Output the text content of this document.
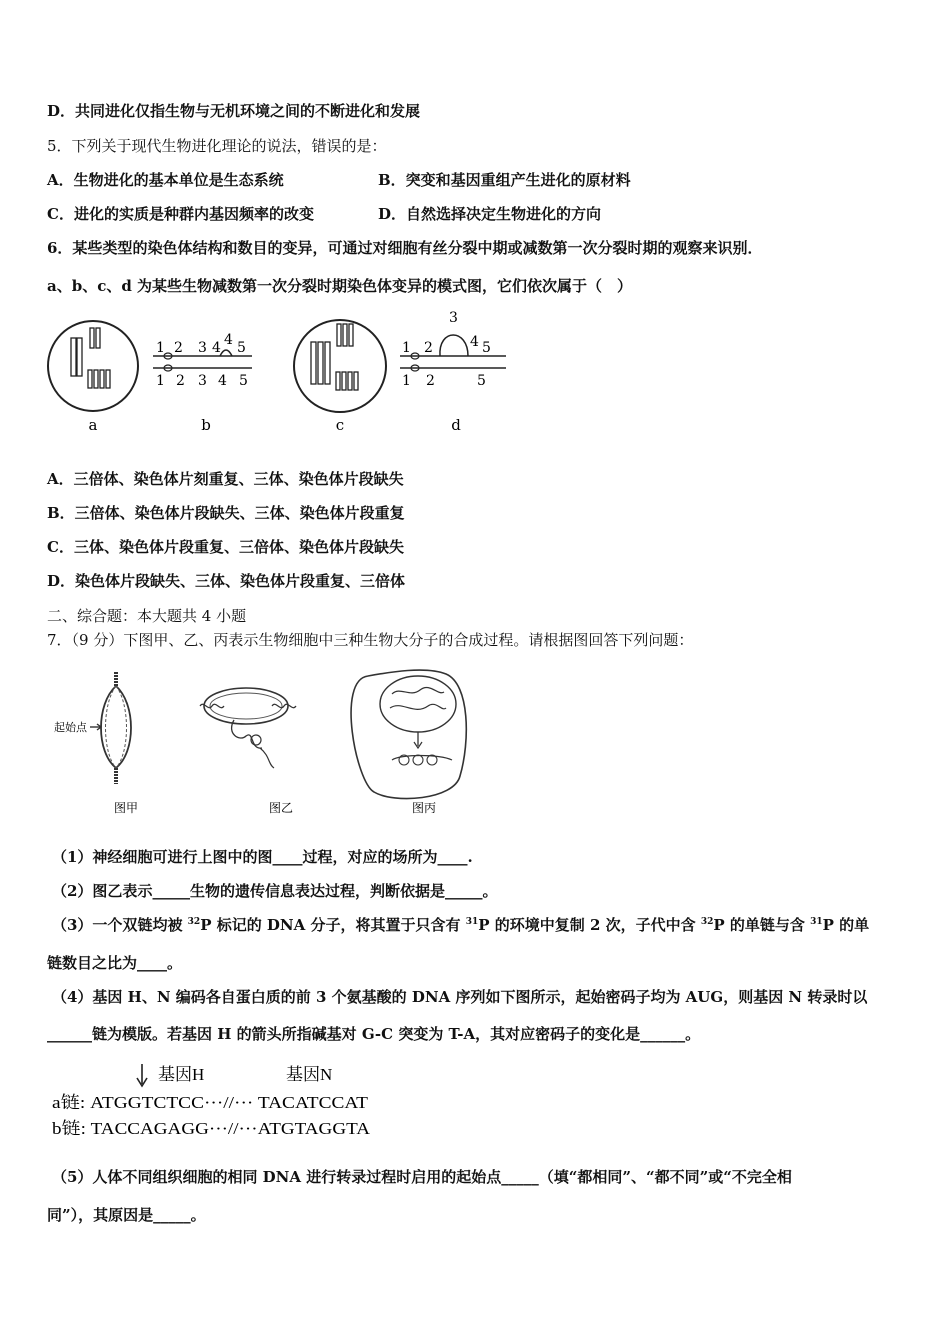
D．共同进化仅指生物与无机环境之间的不断进化和发展
5．下列关于现代生物进化理论的说法，错误的是：
A．生物进化的基本单位是生态系统	B．突变和基因重组产生进化的原材料
C．进化的实质是种群内基因频率的改变	D．自然选择决定生物进化的方向
6．某些类型的染色体结构和数目的变异，可通过对细胞有丝分裂中期或减数第一次分裂时期的观察来识别．
a、b、c、d 为某些生物减数第一次分裂时期染色体变异的模式图，它们依次属于（　）
a
1 2 3 4 4 5
1 2 3 4 5
b	c
1 2
3
4 5
1 2	5
d
A．三倍体、染色体片刻重复、三体、染色体片段缺失
B．三倍体、染色体片段缺失、三体、染色体片段重复
C．三体、染色体片段重复、三倍体、染色体片段缺失
D．染色体片段缺失、三体、染色体片段重复、三倍体
二、综合题：本大题共 4 小题
7．（9 分）下图甲、乙、丙表示生物细胞中三种生物大分子的合成过程。请根据图回答下列问题：
起始点
图甲	图乙	图丙
（1）神经细胞可进行上图中的图____过程，对应的场所为____.
（2）图乙表示_____生物的遗传信息表达过程，判断依据是_____。
（3）一个双链均被 $^{32}$P 标记的 DNA 分子，将其置于只含有 $^{31}$P 的环境中复制 2 次，子代中含 $^{32}$P 的单链与含 $^{31}$P 的单
链数目之比为____。
（4）基因 H、N 编码各自蛋白质的前 3 个氨基酸的 DNA 序列如下图所示，起始密码子均为 AUG，则基因 N 转录时以
______链为模版。若基因 H 的箭头所指碱基对 G-C 突变为 T-A，其对应密码子的变化是______。
基因H	基因N
a链: ATGGTCTCC···//··· TACATCCAT
b链: TACCAGAGG···//···ATGTAGGTA
（5）人体不同组织细胞的相同 DNA 进行转录过程时启用的起始点_____（填“都相同”、“都不同”或“不完全相
同”），其原因是_____。
